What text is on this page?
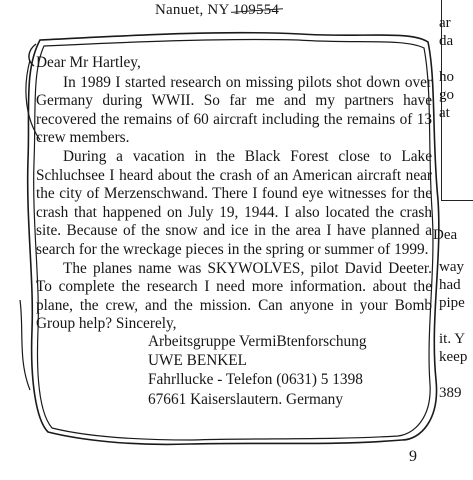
Nanuet, NY 109554

Dear Mr Hartley,

In 1989 I started research on missing pilots shot down over Germany during WWII. So far me and my partners have recovered the remains of 60 aircraft including the remains of 13 crew members.

During a vacation in the Black Forest close to Lake Schluchsee I heard about the crash of an American aircraft near the city of Merzenschwand. There I found eye witnesses for the crash that happened on July 19, 1944. I also located the crash site. Because of the snow and ice in the area I have planned a search for the wreckage pieces in the spring or summer of 1999.

The planes name was SKYWOLVES, pilot David Deeter. To complete the research I need more information. about the plane, the crew, and the mission. Can anyone in your Bomb Group help? Sincerely,

Arbeitsgruppe VermiBtenforschung
UWE BENKEL
Fahrllucke - Telefon (0631) 5 1398
67661 Kaiserslautern. Germany
9
ar
da
ho
go
at
Dea
way
had
pipe
it. Y
keep
389
